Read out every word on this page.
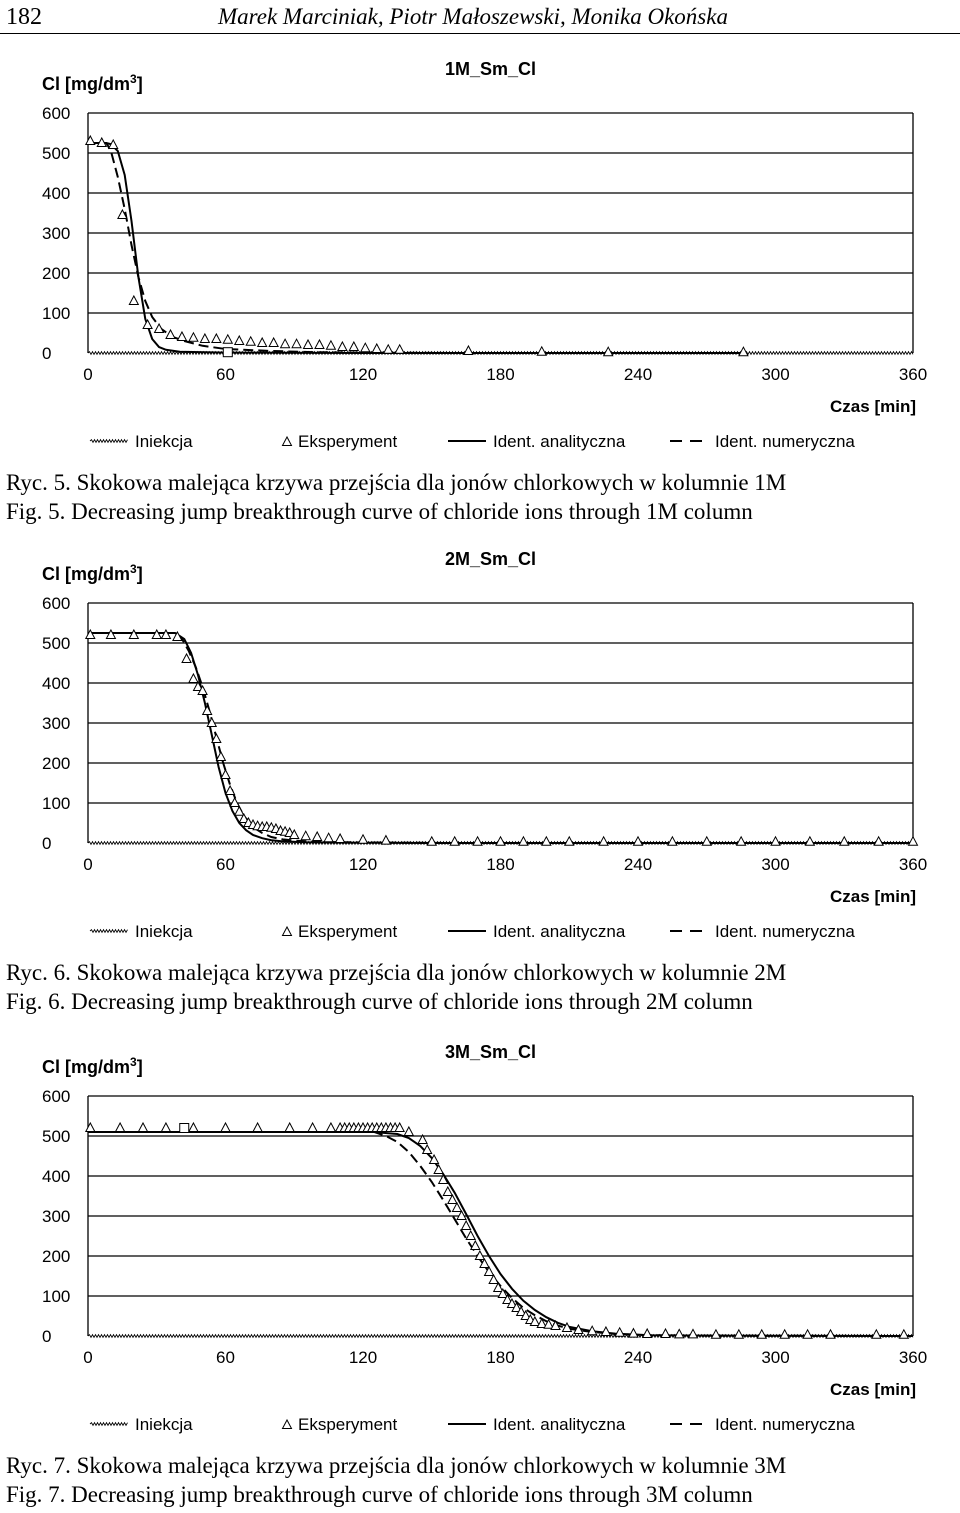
182	Marek Marciniak, Piotr Małoszewski, Monika Okońska
1M_Sm_Cl
Cl $[mg/dm^3]$
0
100
200
300
400
500
600
0	60	120	180	240	300	360
Czas [min]
Iniekcja	Eksperyment	Ident. analityczna	Ident. numeryczna
Ryc. 5. Skokowa malejąca krzywa przejścia dla jonów chlorkowych w kolumnie 1M
Fig. 5. Decreasing jump breakthrough curve of chloride ions through 1M column
2M_Sm_Cl
Cl $[mg/dm^3]$
0
100
200
300
400
500
600
0	60	120	180	240	300	360
Czas [min]
Iniekcja	Eksperyment	Ident. analityczna	Ident. numeryczna
Ryc. 6. Skokowa malejąca krzywa przejścia dla jonów chlorkowych w kolumnie 2M
Fig. 6. Decreasing jump breakthrough curve of chloride ions through 2M column
3M_Sm_Cl
Cl $[mg/dm^3]$
0
100
200
300
400
500
600
0	60	120	180	240	300	360
Czas [min]
Iniekcja	Eksperyment	Ident. analityczna	Ident. numeryczna
Ryc. 7. Skokowa malejąca krzywa przejścia dla jonów chlorkowych w kolumnie 3M
Fig. 7. Decreasing jump breakthrough curve of chloride ions through 3M column
